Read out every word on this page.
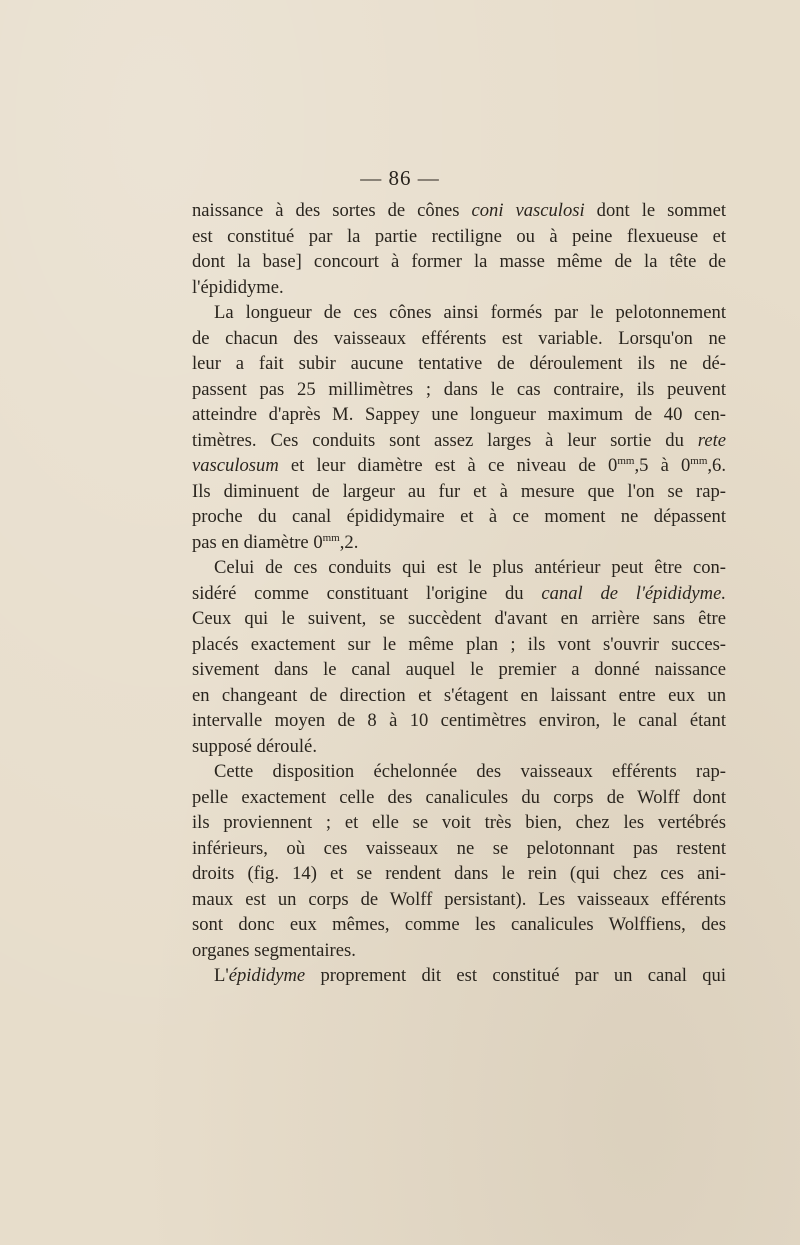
— 86 —
naissance à des sortes de cônes coni vasculosi dont le sommet
est constitué par la partie rectiligne ou à peine flexueuse et
dont la base] concourt à former la masse même de la tête de
l'épididyme.
La longueur de ces cônes ainsi formés par le pelotonnement
de chacun des vaisseaux efférents est variable. Lorsqu'on ne
leur a fait subir aucune tentative de déroulement ils ne dé-
passent pas 25 millimètres ; dans le cas contraire, ils peuvent
atteindre d'après M. Sappey une longueur maximum de 40 cen-
timètres. Ces conduits sont assez larges à leur sortie du rete
vasculosum et leur diamètre est à ce niveau de $0^{mm},5$ à $0^{mm},6$.
Ils diminuent de largeur au fur et à mesure que l'on se rap-
proche du canal épididymaire et à ce moment ne dépassent
pas en diamètre $0^{mm},2$.
Celui de ces conduits qui est le plus antérieur peut être con-
sidéré comme constituant l'origine du canal de l'épididyme.
Ceux qui le suivent, se succèdent d'avant en arrière sans être
placés exactement sur le même plan ; ils vont s'ouvrir succes-
sivement dans le canal auquel le premier a donné naissance
en changeant de direction et s'étagent en laissant entre eux un
intervalle moyen de 8 à 10 centimètres environ, le canal étant
supposé déroulé.
Cette disposition échelonnée des vaisseaux efférents rap-
pelle exactement celle des canalicules du corps de Wolff dont
ils proviennent ; et elle se voit très bien, chez les vertébrés
inférieurs, où ces vaisseaux ne se pelotonnant pas restent
droits (fig. 14) et se rendent dans le rein (qui chez ces ani-
maux est un corps de Wolff persistant). Les vaisseaux efférents
sont donc eux mêmes, comme les canalicules Wolffiens, des
organes segmentaires.
L'épididyme proprement dit est constitué par un canal qui
